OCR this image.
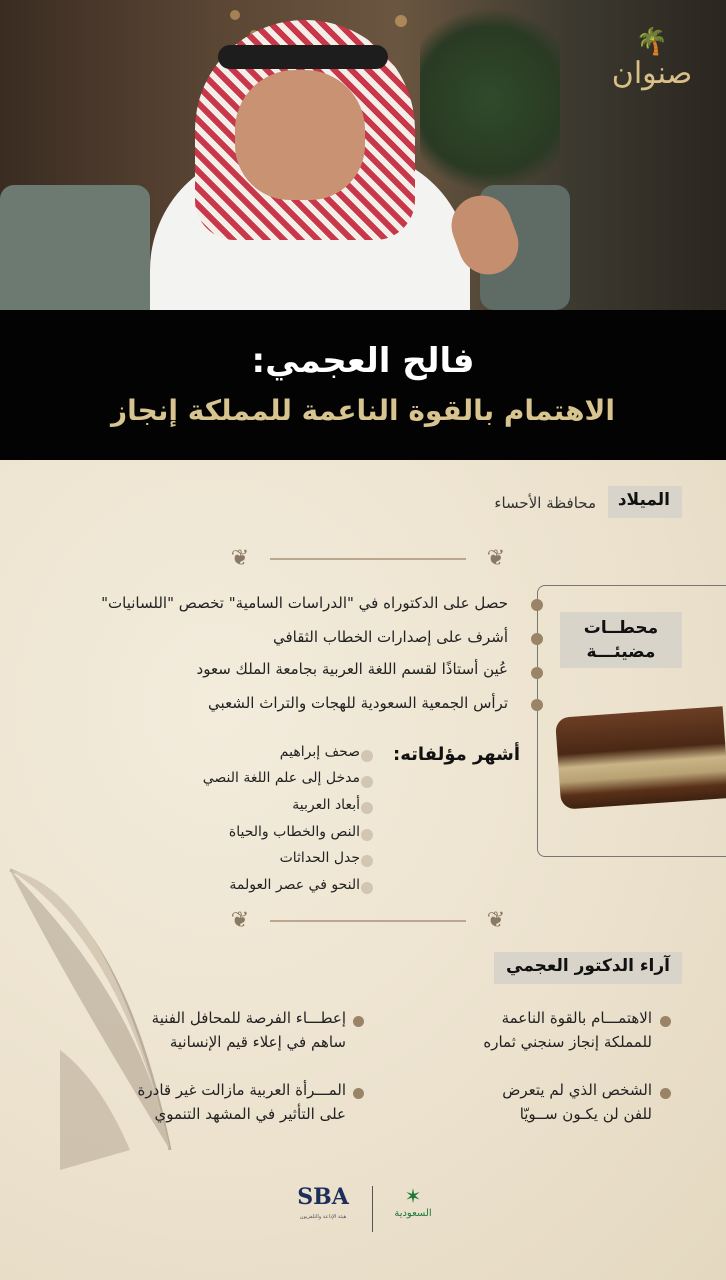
🌴
صنوان
فالح العجمي:
الاهتمام بالقوة الناعمة للمملكة إنجاز
الميلاد
محافظة الأحساء
❦	❦
محطــات
مضيئـــة
حصل على الدكتوراه في "الدراسات السامية" تخصص "اللسانيات"
أشرف على إصدارات الخطاب الثقافي
عُين أستاذًا لقسم اللغة العربية بجامعة الملك سعود
ترأس الجمعية السعودية للهجات والتراث الشعبي
أشهر مؤلفاته:
صحف إبراهيم
مدخل إلى علم اللغة النصي
أبعاد العربية
النص والخطاب والحياة
جدل الحداثات
النحو في عصر العولمة
❦	❦
آراء الدكتور العجمي
الاهتمـــام بالقوة الناعمة
للمملكة إنجاز سنجني ثماره
الشخص الذي لم يتعرض
للفن لن يكـون ســويّا
إعطـــاء الفرصة للمحافل الفنية
ساهم في إعلاء قيم الإنسانية
المـــرأة العربية مازالت غير قادرة
على التأثير في المشهد التنموي
SBA
هيئة الإذاعة والتلفزيون
✶
السعودية
